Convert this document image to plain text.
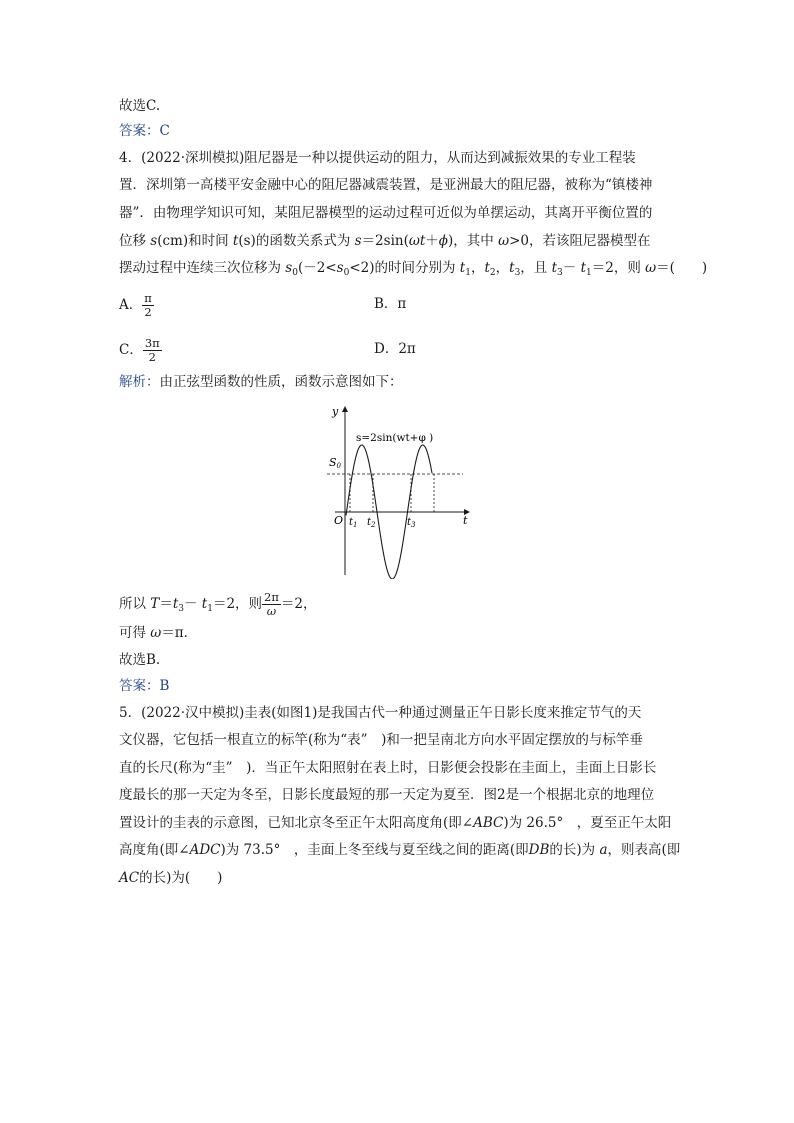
故选C.
答案：C
4．(2022·深圳模拟)阻尼器是一种以提供运动的阻力，从而达到减振效果的专业工程装
置．深圳第一高楼平安金融中心的阻尼器减震装置，是亚洲最大的阻尼器，被称为“镇楼神
器”．由物理学知识可知，某阻尼器模型的运动过程可近似为单摆运动，其离开平衡位置的
位移 s(cm)和时间 t(s)的函数关系式为 s＝2sin(ωt＋ϕ)，其中 ω>0，若该阻尼器模型在
摆动过程中连续三次位移为 $s_0(-2<s_0<2)$的时间分别为 $t_1$，$t_2$，$t_3$，且 $t_3- t_1=2$，则 ω＝(　　)
A． $\frac{\pi}{2}$	B．π
C． $\frac{3\pi}{2}$	D．2π
解析：由正弦型函数的性质，函数示意图如下：
所以 $T=t_3- t_1=2$，则 $\frac{2\pi}{\omega} =2$，
可得 ω＝π．
故选B.
答案：B
5．(2022·汉中模拟)圭表(如图1)是我国古代一种通过测量正午日影长度来推定节气的天
文仪器，它包括一根直立的标竿(称为“表”　)和一把呈南北方向水平固定摆放的与标竿垂
直的长尺(称为“圭”　)．当正午太阳照射在表上时，日影便会投影在圭面上，圭面上日影长
度最长的那一天定为冬至，日影长度最短的那一天定为夏至．图2是一个根据北京的地理位
置设计的圭表的示意图，已知北京冬至正午太阳高度角(即∠ABC)为 26.5°　，夏至正午太阳
高度角(即∠ADC)为 73.5°　，圭面上冬至线与夏至线之间的距离(即DB的长)为 a，则表高(即
AC的长)为(　　)
y
t
O
S0
$t_1$ $t_2$	$t_3$
s=2sin(wt+φ )
